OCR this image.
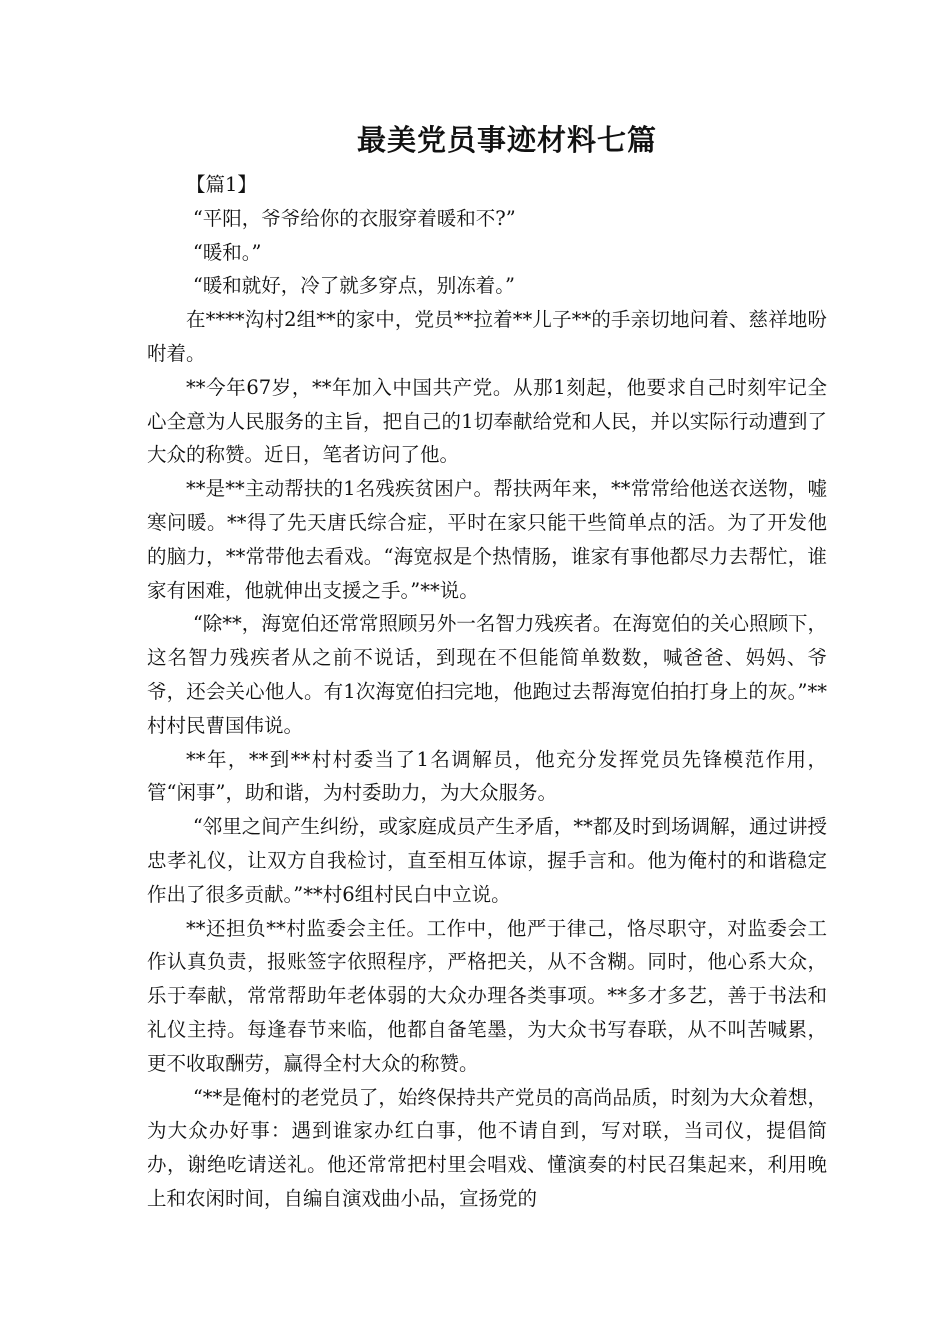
最美党员事迹材料七篇

【篇1】

“平阳，爷爷给你的衣服穿着暖和不?”

“暖和。”

“暖和就好，冷了就多穿点，别冻着。”

在****沟村2组**的家中，党员**拉着**儿子**的手亲切地问着、慈祥地吩咐着。

**今年67岁，**年加入中国共产党。从那1刻起，他要求自己时刻牢记全心全意为人民服务的主旨，把自己的1切奉献给党和人民，并以实际行动遭到了大众的称赞。近日，笔者访问了他。

**是**主动帮扶的1名残疾贫困户。帮扶两年来，**常常给他送衣送物，嘘寒问暖。**得了先天唐氏综合症，平时在家只能干些简单点的活。为了开发他的脑力，**常带他去看戏。“海宽叔是个热情肠，谁家有事他都尽力去帮忙，谁家有困难，他就伸出支援之手。”**说。

“除**，海宽伯还常常照顾另外一名智力残疾者。在海宽伯的关心照顾下，这名智力残疾者从之前不说话，到现在不但能简单数数，喊爸爸、妈妈、爷爷，还会关心他人。有1次海宽伯扫完地，他跑过去帮海宽伯拍打身上的灰。”**村村民曹国伟说。

**年，**到**村村委当了1名调解员，他充分发挥党员先锋模范作用，管“闲事”，助和谐，为村委助力，为大众服务。

“邻里之间产生纠纷，或家庭成员产生矛盾，**都及时到场调解，通过讲授忠孝礼仪，让双方自我检讨，直至相互体谅，握手言和。他为俺村的和谐稳定作出了很多贡献。”**村6组村民白中立说。

**还担负**村监委会主任。工作中，他严于律己，恪尽职守，对监委会工作认真负责，报账签字依照程序，严格把关，从不含糊。同时，他心系大众，乐于奉献，常常帮助年老体弱的大众办理各类事项。**多才多艺，善于书法和礼仪主持。每逢春节来临，他都自备笔墨，为大众书写春联，从不叫苦喊累，更不收取酬劳，赢得全村大众的称赞。

“**是俺村的老党员了，始终保持共产党员的高尚品质，时刻为大众着想，为大众办好事：遇到谁家办红白事，他不请自到，写对联，当司仪，提倡简办，谢绝吃请送礼。他还常常把村里会唱戏、懂演奏的村民召集起来，利用晚上和农闲时间，自编自演戏曲小品，宣扬党的
